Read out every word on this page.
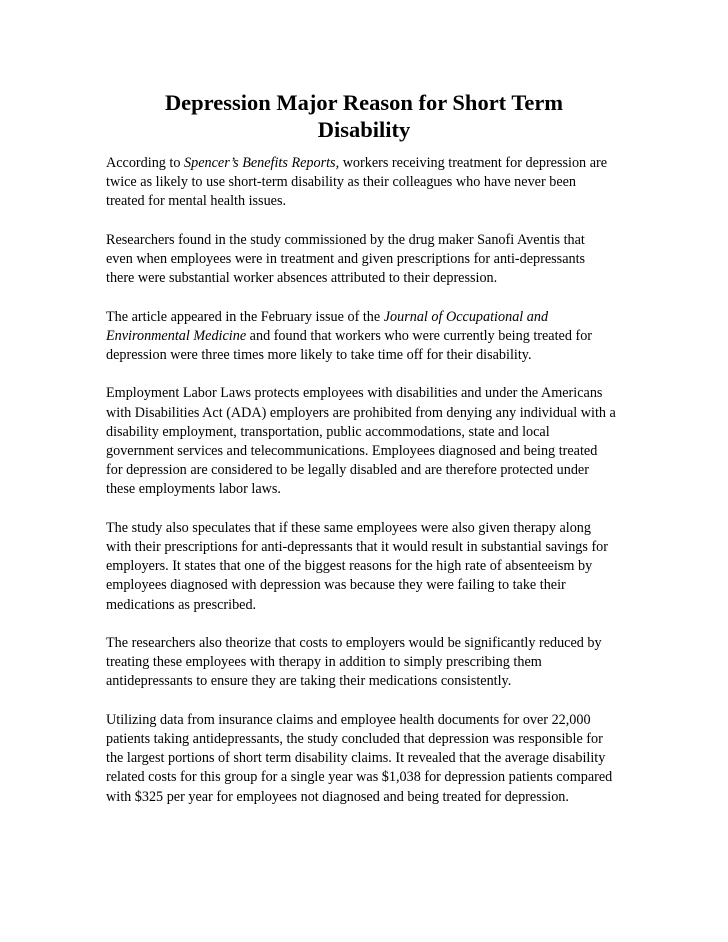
Depression Major Reason for Short Term
Disability

According to Spencer’s Benefits Reports, workers receiving treatment for depression are
twice as likely to use short-term disability as their colleagues who have never been
treated for mental health issues.

Researchers found in the study commissioned by the drug maker Sanofi Aventis that
even when employees were in treatment and given prescriptions for anti-depressants
there were substantial worker absences attributed to their depression.

The article appeared in the February issue of the Journal of Occupational and
Environmental Medicine and found that workers who were currently being treated for
depression were three times more likely to take time off for their disability.

Employment Labor Laws protects employees with disabilities and under the Americans
with Disabilities Act (ADA) employers are prohibited from denying any individual with a
disability employment, transportation, public accommodations, state and local
government services and telecommunications. Employees diagnosed and being treated
for depression are considered to be legally disabled and are therefore protected under
these employments labor laws.

The study also speculates that if these same employees were also given therapy along
with their prescriptions for anti-depressants that it would result in substantial savings for
employers. It states that one of the biggest reasons for the high rate of absenteeism by
employees diagnosed with depression was because they were failing to take their
medications as prescribed.

The researchers also theorize that costs to employers would be significantly reduced by
treating these employees with therapy in addition to simply prescribing them
antidepressants to ensure they are taking their medications consistently.

Utilizing data from insurance claims and employee health documents for over 22,000
patients taking antidepressants, the study concluded that depression was responsible for
the largest portions of short term disability claims. It revealed that the average disability
related costs for this group for a single year was $1,038 for depression patients compared
with $325 per year for employees not diagnosed and being treated for depression.
